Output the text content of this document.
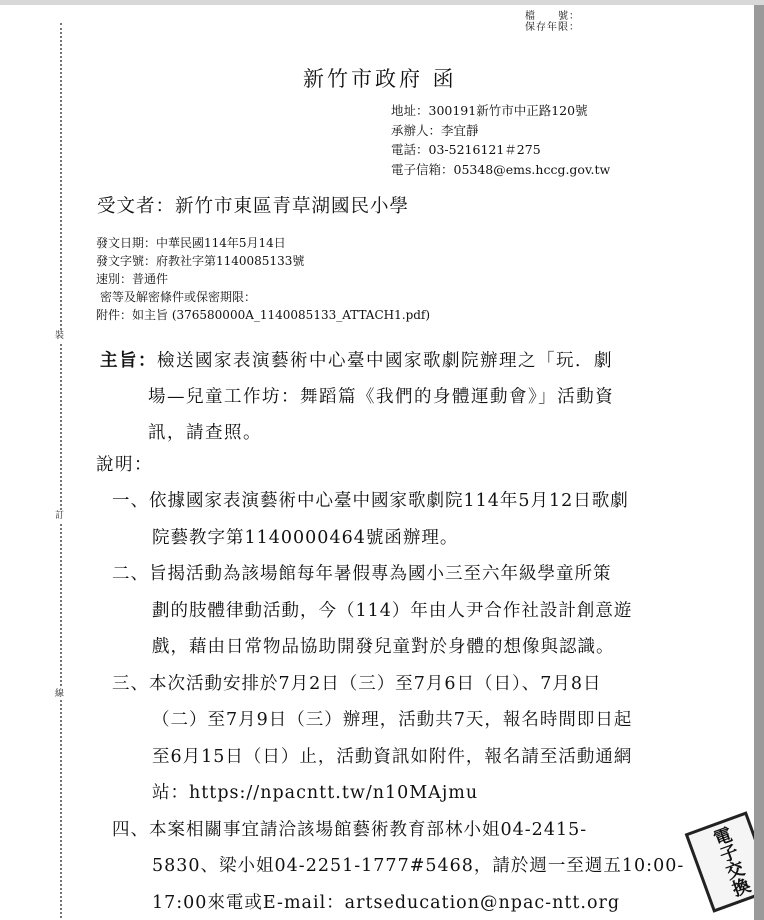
裝
訂
線
檔　　號：
保存年限：
新竹市政府 函
地址：300191新竹市中正路120號
承辦人：李宜靜
電話：03-5216121＃275
電子信箱：05348@ems.hccg.gov.tw
受文者：新竹市東區青草湖國民小學
發文日期：中華民國114年5月14日
發文字號：府教社字第1140085133號
速別：普通件
密等及解密條件或保密期限：
附件：如主旨 (376580000A_1140085133_ATTACH1.pdf)
主旨：檢送國家表演藝術中心臺中國家歌劇院辦理之「玩．劇
場—兒童工作坊：舞蹈篇《我們的身體運動會》」活動資
訊，請查照。
說明：
一、依據國家表演藝術中心臺中國家歌劇院114年5月12日歌劇
院藝教字第1140000464號函辦理。
二、旨揭活動為該場館每年暑假專為國小三至六年級學童所策
劃的肢體律動活動，今（114）年由人尹合作社設計創意遊
戲，藉由日常物品協助開發兒童對於身體的想像與認識。
三、本次活動安排於7月2日（三）至7月6日（日）、7月8日
（二）至7月9日（三）辦理，活動共7天，報名時間即日起
至6月15日（日）止，活動資訊如附件，報名請至活動通網
站：https://npacntt.tw/n10MAjmu
四、本案相關事宜請洽該場館藝術教育部林小姐04-2415-
5830、梁小姐04-2251-1777#5468，請於週一至週五10:00-
17:00來電或E-mail：artseducation@npac-ntt.org
電子交換
